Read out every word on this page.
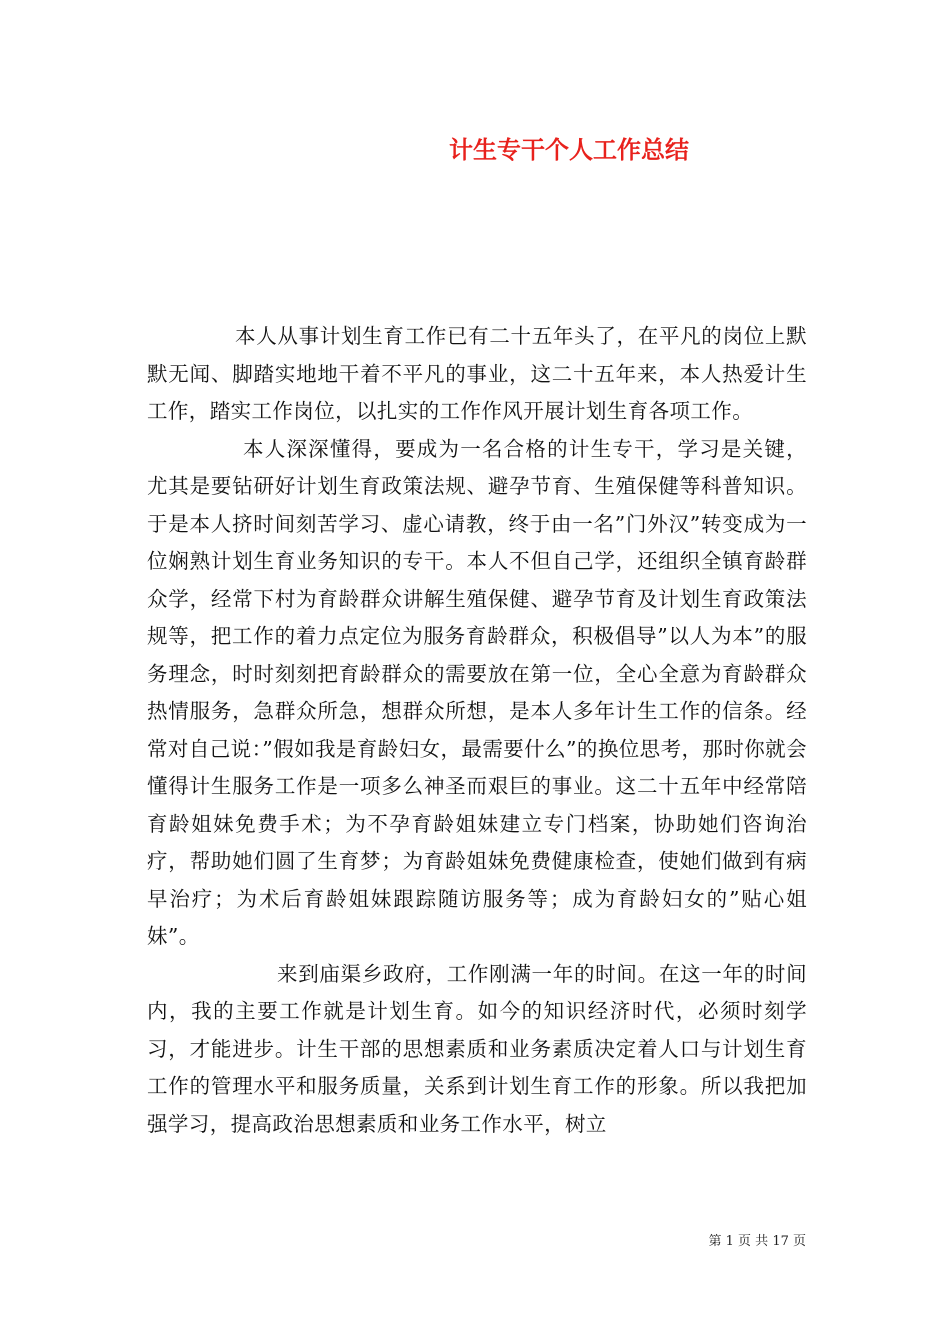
计生专干个人工作总结

本人从事计划生育工作已有二十五年头了，在平凡的岗位上默默无闻、脚踏实地地干着不平凡的事业，这二十五年来，本人热爱计生工作，踏实工作岗位，以扎实的工作作风开展计划生育各项工作。

本人深深懂得，要成为一名合格的计生专干，学习是关键，尤其是要钻研好计划生育政策法规、避孕节育、生殖保健等科普知识。于是本人挤时间刻苦学习、虚心请教，终于由一名”门外汉”转变成为一位娴熟计划生育业务知识的专干。本人不但自己学，还组织全镇育龄群众学，经常下村为育龄群众讲解生殖保健、避孕节育及计划生育政策法规等，把工作的着力点定位为服务育龄群众，积极倡导”以人为本”的服务理念，时时刻刻把育龄群众的需要放在第一位，全心全意为育龄群众热情服务，急群众所急，想群众所想，是本人多年计生工作的信条。经常对自己说：”假如我是育龄妇女，最需要什么”的换位思考，那时你就会懂得计生服务工作是一项多么神圣而艰巨的事业。这二十五年中经常陪育龄姐妹免费手术；为不孕育龄姐妹建立专门档案，协助她们咨询治疗，帮助她们圆了生育梦；为育龄姐妹免费健康检查，使她们做到有病早治疗；为术后育龄姐妹跟踪随访服务等；成为育龄妇女的”贴心姐妹”。

来到庙渠乡政府，工作刚满一年的时间。在这一年的时间内，我的主要工作就是计划生育。如今的知识经济时代，必须时刻学习，才能进步。计生干部的思想素质和业务素质决定着人口与计划生育工作的管理水平和服务质量，关系到计划生育工作的形象。所以我把加强学习，提高政治思想素质和业务工作水平，树立

第 1 页 共 17 页
